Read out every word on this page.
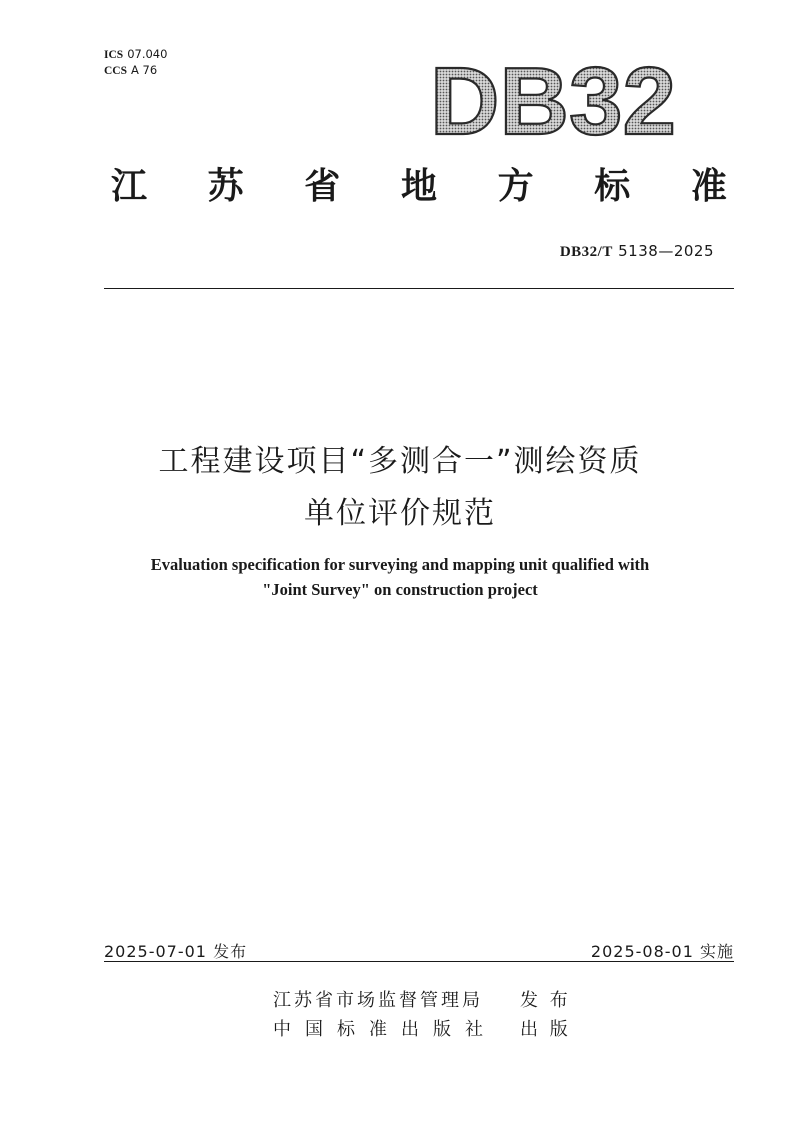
ICS 07.040
CCS A 76	DB32
江 苏 省 地 方 标 准
DB32/T 5138—2025
工程建设项目“多测合一”测绘资质
单位评价规范
Evaluation specification for surveying and mapping unit qualified with
"Joint Survey" on construction project
2025-07-01 发布	2025-08-01 实施
江苏省市场监督管理局 发 布
中国标准出版社 出 版
